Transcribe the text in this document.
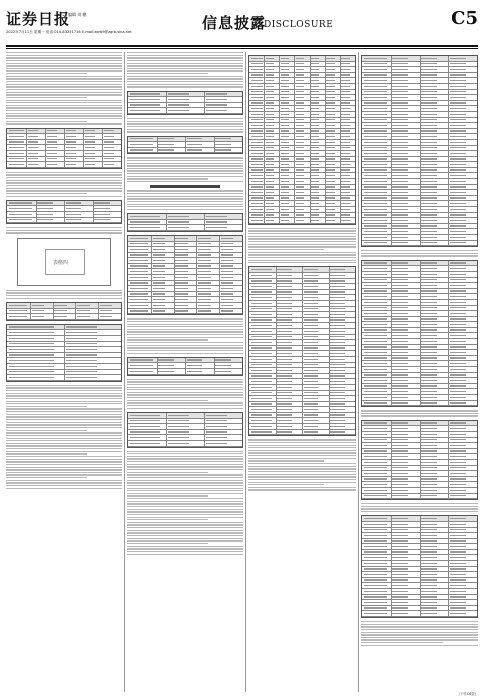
证券日报
编辑 刘 鹏
2022年7月11日 星期一 电话:010-83251716 E-mail:zqrb9@zqrb.sina.net	信息披露
DISCLOSURE	C5
表格四
(下转C6版)
